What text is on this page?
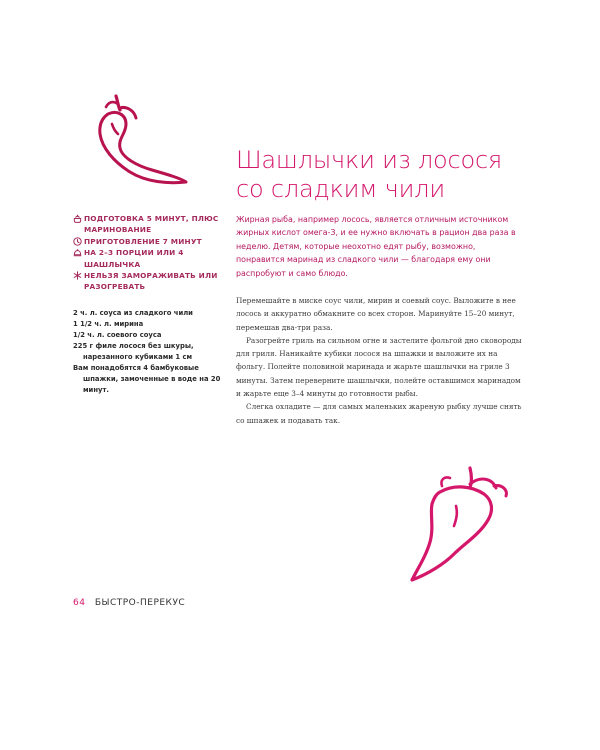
Шашлычки из лосося
со сладким чили
ПОДГОТОВКА 5 МИНУТ, ПЛЮС МАРИНОВАНИЕ
ПРИГОТОВЛЕНИЕ 7 МИНУТ
НА 2–3 ПОРЦИИ ИЛИ 4 ШАШЛЫЧКА
НЕЛЬЗЯ ЗАМОРАЖИВАТЬ ИЛИ РАЗОГРЕВАТЬ
2 ч. л. соуса из сладкого чили
1 1/2 ч. л. мирина
1/2 ч. л. соевого соуса
225 г филе лосося без шкуры, нарезанного кубиками 1 см
Вам понадобятся 4 бамбуковые шпажки, замоченные в воде на 20 минут.
Жирная рыба, например лосось, является отличным источником жирных кислот омега-3, и ее нужно включать в рацион два раза в неделю. Детям, которые неохотно едят рыбу, возможно, понравится маринад из сладкого чили — благодаря ему они распробуют и само блюдо.

Перемешайте в миске соус чили, мирин и соевый соус. Выложите в нее лосось и аккуратно обмакните со всех сторон. Маринуйте 15–20 минут, перемешав два-три раза.

Разогрейте гриль на сильном огне и застелите фольгой дно сковороды для гриля. Наникайте кубики лосося на шпажки и выложите их на фольгу. Полейте половиной маринада и жарьте шашлычки на гриле 3 минуты. Затем переверните шашлычки, полейте оставшимся маринадом и жарьте еще 3–4 минуты до готовности рыбы.

Слегка охладите — для самых маленьких жареную рыбку лучше снять со шпажек и подавать так.

64 БЫСТРО-ПЕРЕКУС
